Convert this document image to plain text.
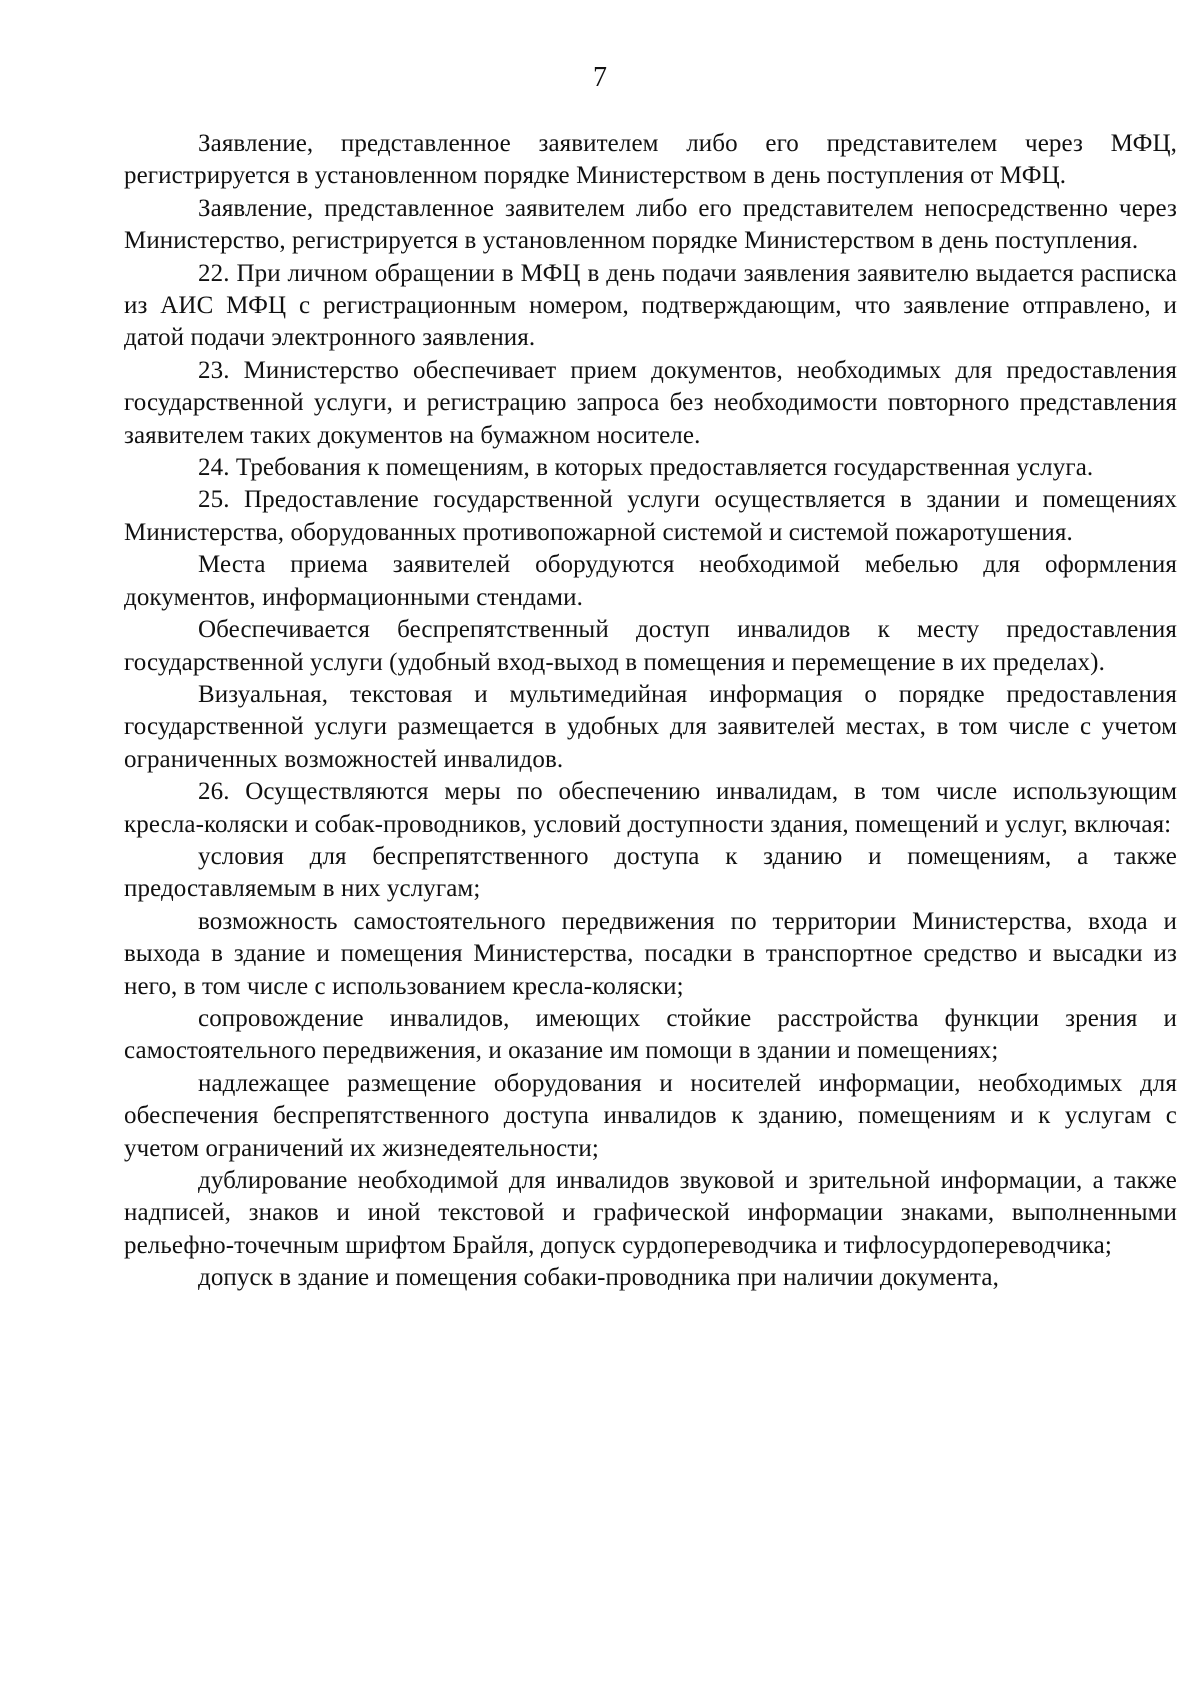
7

Заявление, представленное заявителем либо его представителем через МФЦ, регистрируется в установленном порядке Министерством в день поступления от МФЦ.

Заявление, представленное заявителем либо его представителем непосредственно через Министерство, регистрируется в установленном порядке Министерством в день поступления.

22. При личном обращении в МФЦ в день подачи заявления заявителю выдается расписка из АИС МФЦ с регистрационным номером, подтверждающим, что заявление отправлено, и датой подачи электронного заявления.

23. Министерство обеспечивает прием документов, необходимых для предоставления государственной услуги, и регистрацию запроса без необходимости повторного представления заявителем таких документов на бумажном носителе.

24. Требования к помещениям, в которых предоставляется государственная услуга.

25. Предоставление государственной услуги осуществляется в здании и помещениях Министерства, оборудованных противопожарной системой и системой пожаротушения.

Места приема заявителей оборудуются необходимой мебелью для оформления документов, информационными стендами.

Обеспечивается беспрепятственный доступ инвалидов к месту предоставления государственной услуги (удобный вход-выход в помещения и перемещение в их пределах).

Визуальная, текстовая и мультимедийная информация о порядке предоставления государственной услуги размещается в удобных для заявителей местах, в том числе с учетом ограниченных возможностей инвалидов.

26. Осуществляются меры по обеспечению инвалидам, в том числе использующим кресла-коляски и собак-проводников, условий доступности здания, помещений и услуг, включая:

условия для беспрепятственного доступа к зданию и помещениям, а также предоставляемым в них услугам;

возможность самостоятельного передвижения по территории Министерства, входа и выхода в здание и помещения Министерства, посадки в транспортное средство и высадки из него, в том числе с использованием кресла-коляски;

сопровождение инвалидов, имеющих стойкие расстройства функции зрения и самостоятельного передвижения, и оказание им помощи в здании и помещениях;

надлежащее размещение оборудования и носителей информации, необходимых для обеспечения беспрепятственного доступа инвалидов к зданию, помещениям и к услугам с учетом ограничений их жизнедеятельности;

дублирование необходимой для инвалидов звуковой и зрительной информации, а также надписей, знаков и иной текстовой и графической информации знаками, выполненными рельефно-точечным шрифтом Брайля, допуск сурдопереводчика и тифлосурдопереводчика;

допуск в здание и помещения собаки-проводника при наличии документа,
